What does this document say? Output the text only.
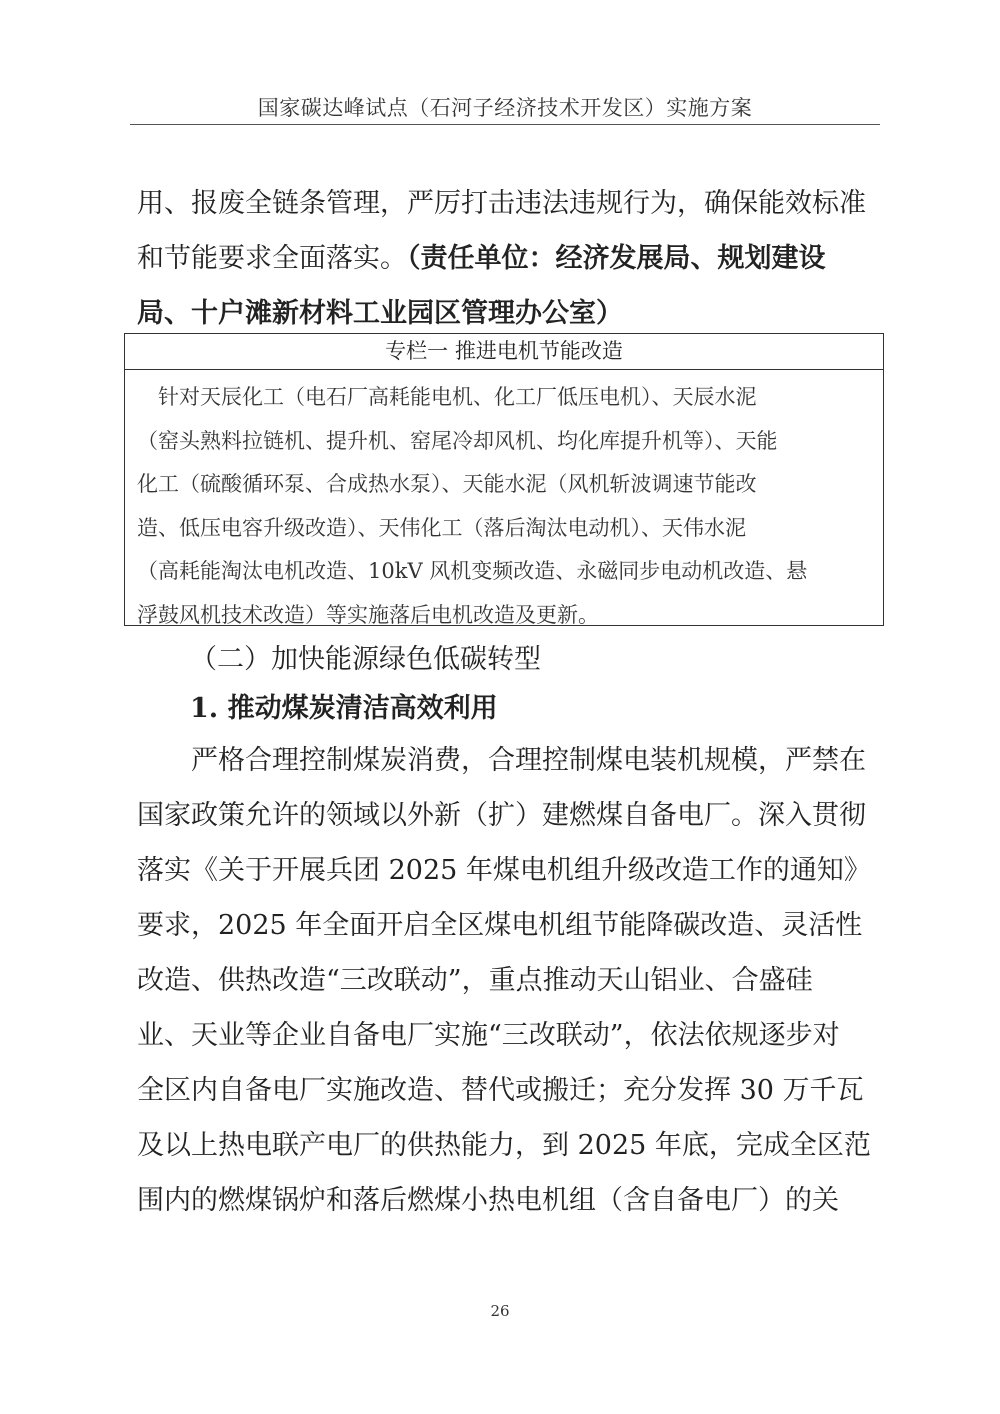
国家碳达峰试点（石河子经济技术开发区）实施方案
用、报废全链条管理，严厉打击违法违规行为，确保能效标准
和节能要求全面落实。（责任单位：经济发展局、规划建设
局、十户滩新材料工业园区管理办公室）
专栏一 推进电机节能改造
　针对天辰化工（电石厂高耗能电机、化工厂低压电机）、天辰水泥
（窑头熟料拉链机、提升机、窑尾冷却风机、均化库提升机等）、天能
化工（硫酸循环泵、合成热水泵）、天能水泥（风机斩波调速节能改
造、低压电容升级改造）、天伟化工（落后淘汰电动机）、天伟水泥
（高耗能淘汰电机改造、10kV 风机变频改造、永磁同步电动机改造、悬
浮鼓风机技术改造）等实施落后电机改造及更新。
（二）加快能源绿色低碳转型
1. 推动煤炭清洁高效利用
　　严格合理控制煤炭消费，合理控制煤电装机规模，严禁在
国家政策允许的领域以外新（扩）建燃煤自备电厂。深入贯彻
落实《关于开展兵团 2025 年煤电机组升级改造工作的通知》
要求，2025 年全面开启全区煤电机组节能降碳改造、灵活性
改造、供热改造“三改联动”，重点推动天山铝业、合盛硅
业、天业等企业自备电厂实施“三改联动”，依法依规逐步对
全区内自备电厂实施改造、替代或搬迁；充分发挥 30 万千瓦
及以上热电联产电厂的供热能力，到 2025 年底，完成全区范
围内的燃煤锅炉和落后燃煤小热电机组（含自备电厂）的关
26
